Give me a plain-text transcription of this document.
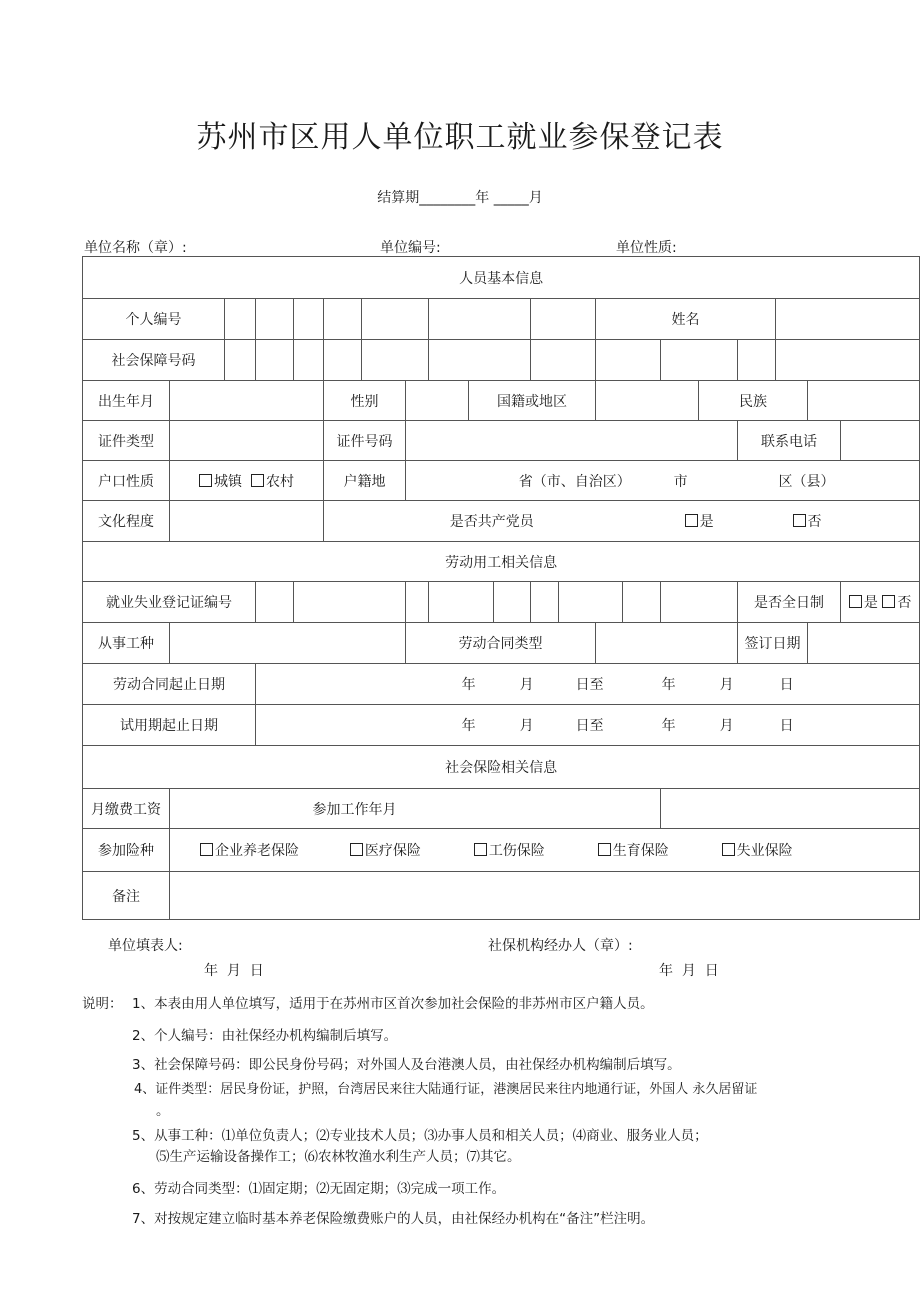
苏州市区用人单位职工就业参保登记表
结算期________年 _____月
单位名称（章）:	单位编号:	单位性质:
人员基本信息																				
个人编号													姓名							
社会保障号码																				
出生年月					性别				国籍或地区							民族				
证件类型					证件号码												联系电话			
户口性质	城镇 农村				户籍地		省（市、自治区） 市 区（县）													
文化程度					是否共产党员 是 否															
劳动用工相关信息																				
就业失业登记证编号																	是否全日制			是 否
从事工种							劳动合同类型										签订日期			
劳动合同起止日期			年 月 日至 年 月 日																	
试用期起止日期			年 月 日至 年 月 日																	
社会保险相关信息																				
月缴费工资		参加工作年月																		
参加险种	企业养老保险 医疗保险 工伤保险 生育保险 失业保险																			
备注																				
单位填表人:	社保机构经办人（章）:
年  月  日	年  月  日
说明： 1、本表由用人单位填写，适用于在苏州市区首次参加社会保险的非苏州市区户籍人员。
2、个人编号：由社保经办机构编制后填写。
3、社会保障号码：即公民身份号码；对外国人及台港澳人员，由社保经办机构编制后填写。
4、证件类型：居民身份证，护照，台湾居民来往大陆通行证，港澳居民来往内地通行证，外国人 永久居留证
。
5、从事工种：⑴单位负责人；⑵专业技术人员；⑶办事人员和相关人员；⑷商业、服务业人员；
⑸生产运输设备操作工；⑹农林牧渔水利生产人员；⑺其它。
6、劳动合同类型：⑴固定期；⑵无固定期；⑶完成一项工作。
7、对按规定建立临时基本养老保险缴费账户的人员，由社保经办机构在“备注”栏注明。
